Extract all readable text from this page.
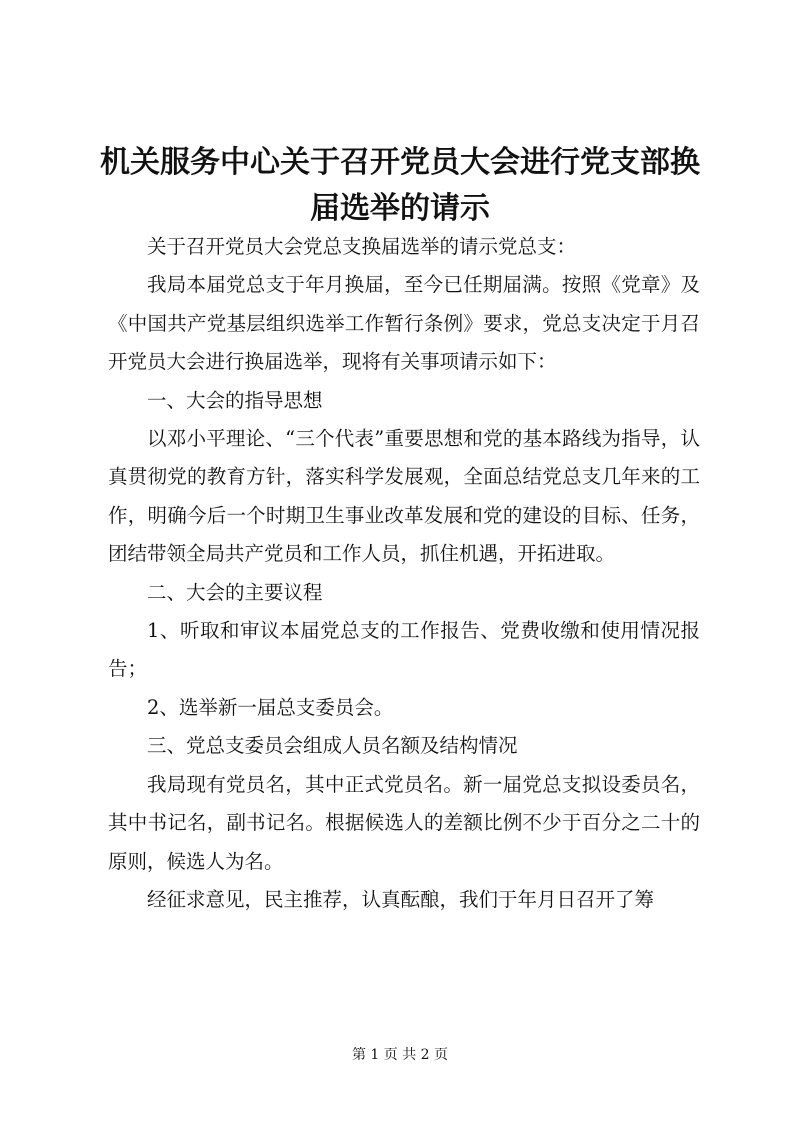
机关服务中心关于召开党员大会进行党支部换
届选举的请示

关于召开党员大会党总支换届选举的请示党总支：

我局本届党总支于年月换届，至今已任期届满。按照《党章》及《中国共产党基层组织选举工作暂行条例》要求，党总支决定于月召开党员大会进行换届选举，现将有关事项请示如下：

一、大会的指导思想

以邓小平理论、“三个代表”重要思想和党的基本路线为指导，认真贯彻党的教育方针，落实科学发展观，全面总结党总支几年来的工作，明确今后一个时期卫生事业改革发展和党的建设的目标、任务，团结带领全局共产党员和工作人员，抓住机遇，开拓进取。

二、大会的主要议程

1、听取和审议本届党总支的工作报告、党费收缴和使用情况报告；

2、选举新一届总支委员会。

三、党总支委员会组成人员名额及结构情况

我局现有党员名，其中正式党员名。新一届党总支拟设委员名，其中书记名，副书记名。根据候选人的差额比例不少于百分之二十的原则，候选人为名。

经征求意见，民主推荐，认真酝酿，我们于年月日召开了筹

第 1 页 共 2 页
